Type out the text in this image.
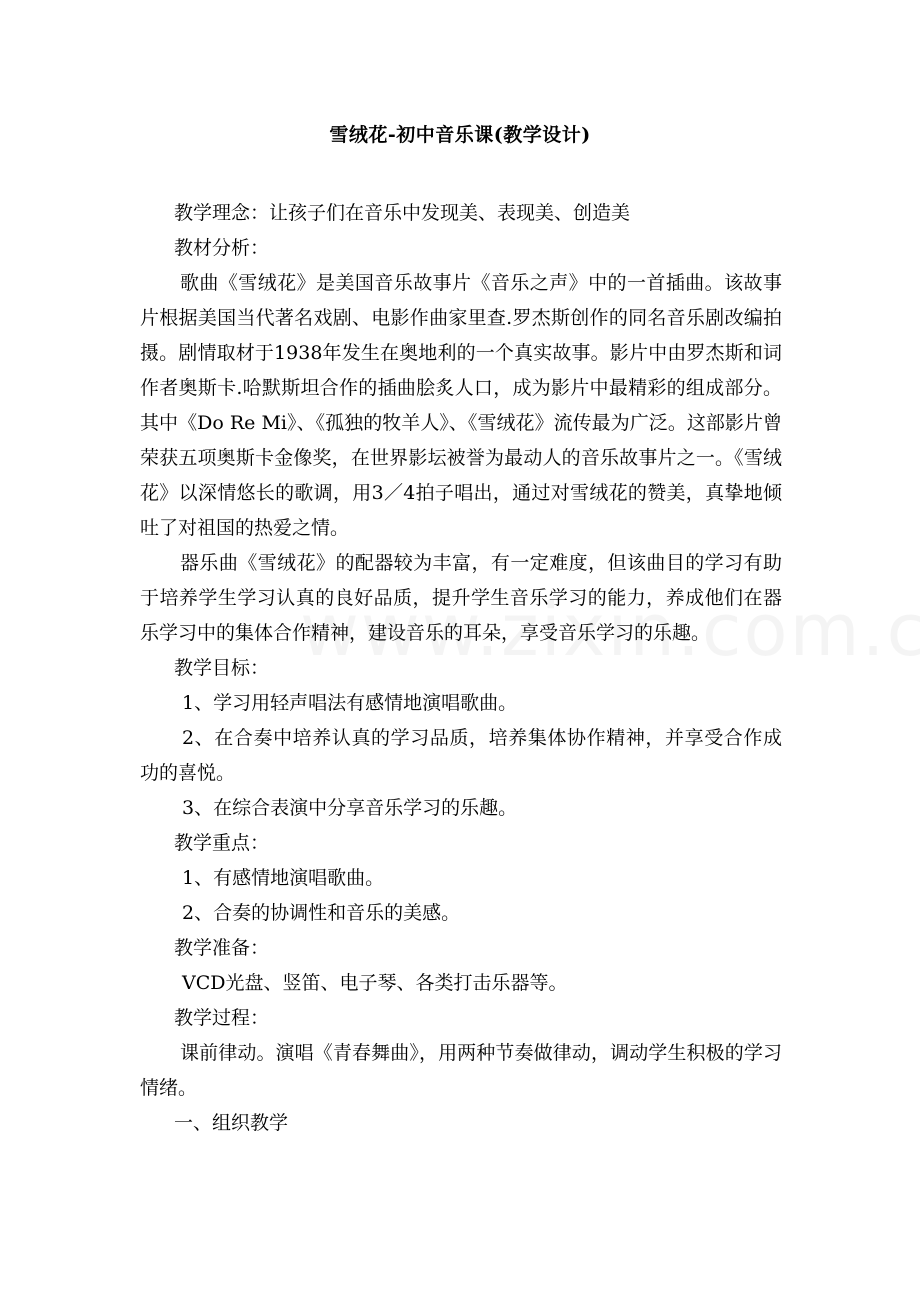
雪绒花-初中音乐课(教学设计)

教学理念：让孩子们在音乐中发现美、表现美、创造美

教材分析：

歌曲《雪绒花》是美国音乐故事片《音乐之声》中的一首插曲。该故事片根据美国当代著名戏剧、电影作曲家里查.罗杰斯创作的同名音乐剧改编拍摄。剧情取材于1938年发生在奥地利的一个真实故事。影片中由罗杰斯和词作者奥斯卡.哈默斯坦合作的插曲脍炙人口，成为影片中最精彩的组成部分。其中《Do Re Mi》、《孤独的牧羊人》、《雪绒花》流传最为广泛。这部影片曾荣获五项奥斯卡金像奖，在世界影坛被誉为最动人的音乐故事片之一。《雪绒花》以深情悠长的歌调，用3／4拍子唱出，通过对雪绒花的赞美，真挚地倾吐了对祖国的热爱之情。

器乐曲《雪绒花》的配器较为丰富，有一定难度，但该曲目的学习有助于培养学生学习认真的良好品质，提升学生音乐学习的能力，养成他们在器乐学习中的集体合作精神，建设音乐的耳朵，享受音乐学习的乐趣。

教学目标：

1、学习用轻声唱法有感情地演唱歌曲。

2、在合奏中培养认真的学习品质，培养集体协作精神，并享受合作成功的喜悦。

3、在综合表演中分享音乐学习的乐趣。

教学重点：

1、有感情地演唱歌曲。

2、合奏的协调性和音乐的美感。

教学准备：

VCD光盘、竖笛、电子琴、各类打击乐器等。

教学过程：

课前律动。演唱《青春舞曲》，用两种节奏做律动，调动学生积极的学习情绪。

一、组织教学
